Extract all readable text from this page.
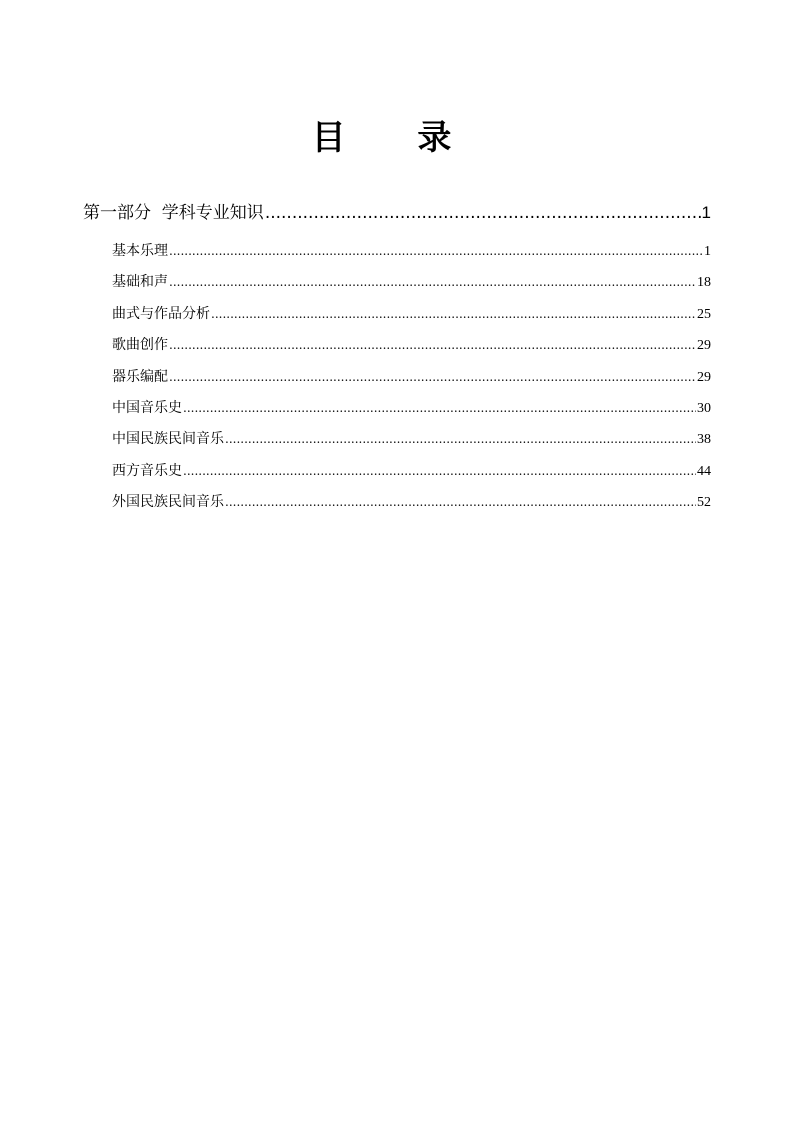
目 录
第一部分  学科专业知识 .....	1
基本乐理 .....	1
基础和声 .....	18
曲式与作品分析 .....	25
歌曲创作 .....	29
器乐编配 .....	29
中国音乐史 .....	30
中国民族民间音乐 .....	38
西方音乐史 .....	44
外国民族民间音乐 .....	52
